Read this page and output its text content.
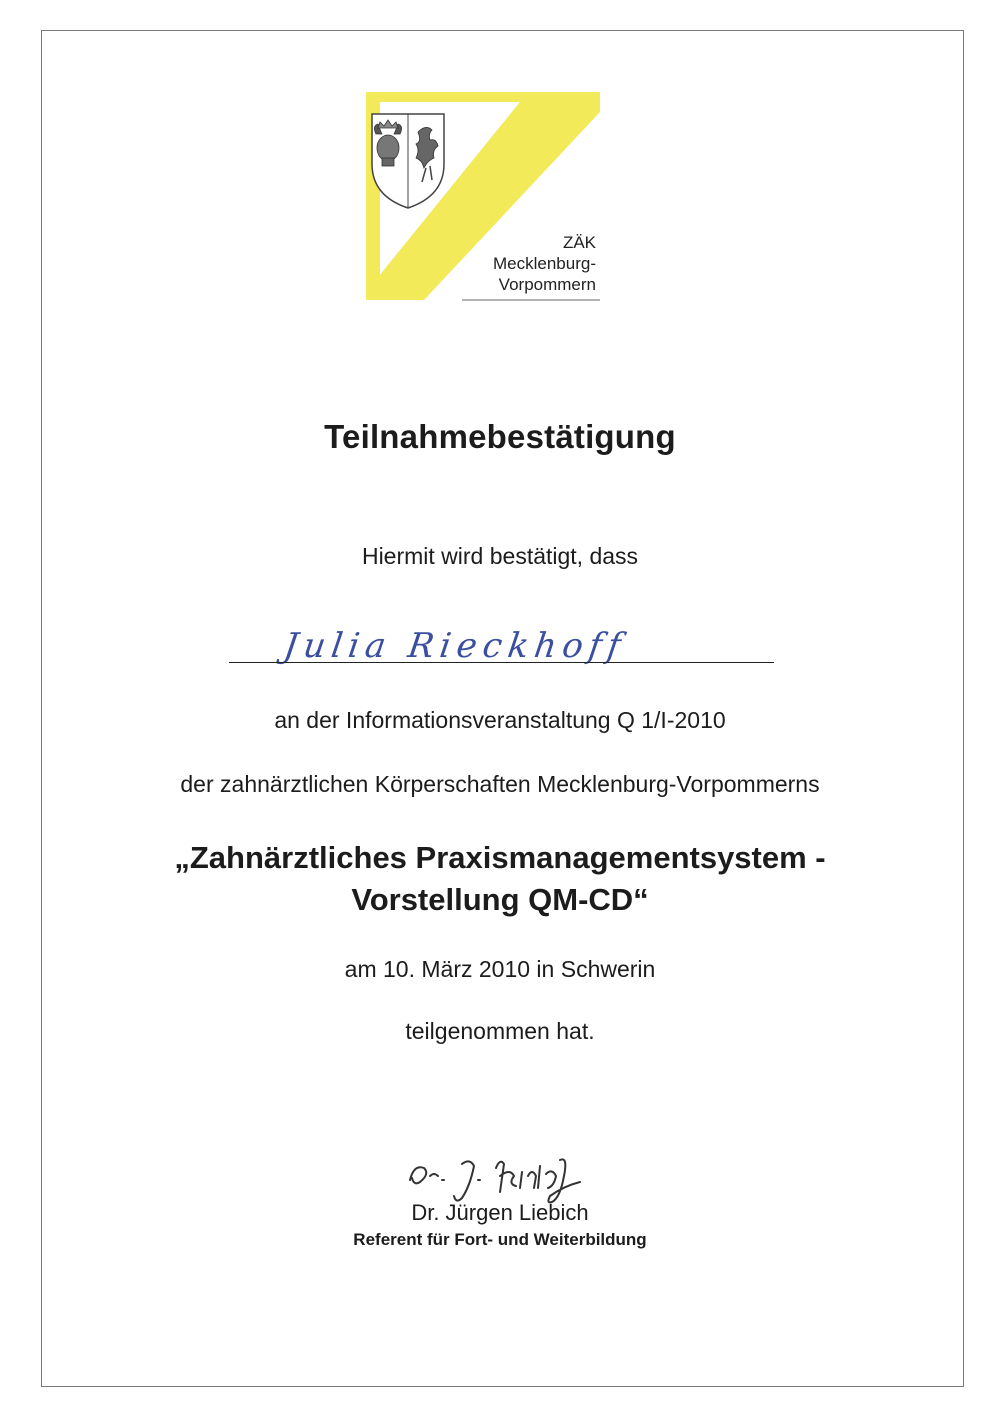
ZÄK
Mecklenburg-
Vorpommern
Teilnahmebestätigung
Hiermit wird bestätigt, dass
Julia Rieckhoff
an der Informationsveranstaltung Q 1/I-2010
der zahnärztlichen Körperschaften Mecklenburg-Vorpommerns
„Zahnärztliches Praxismanagementsystem -
Vorstellung QM-CD“
am 10. März 2010 in Schwerin
teilgenommen hat.
Dr. Jürgen Liebich
Referent für Fort- und Weiterbildung
